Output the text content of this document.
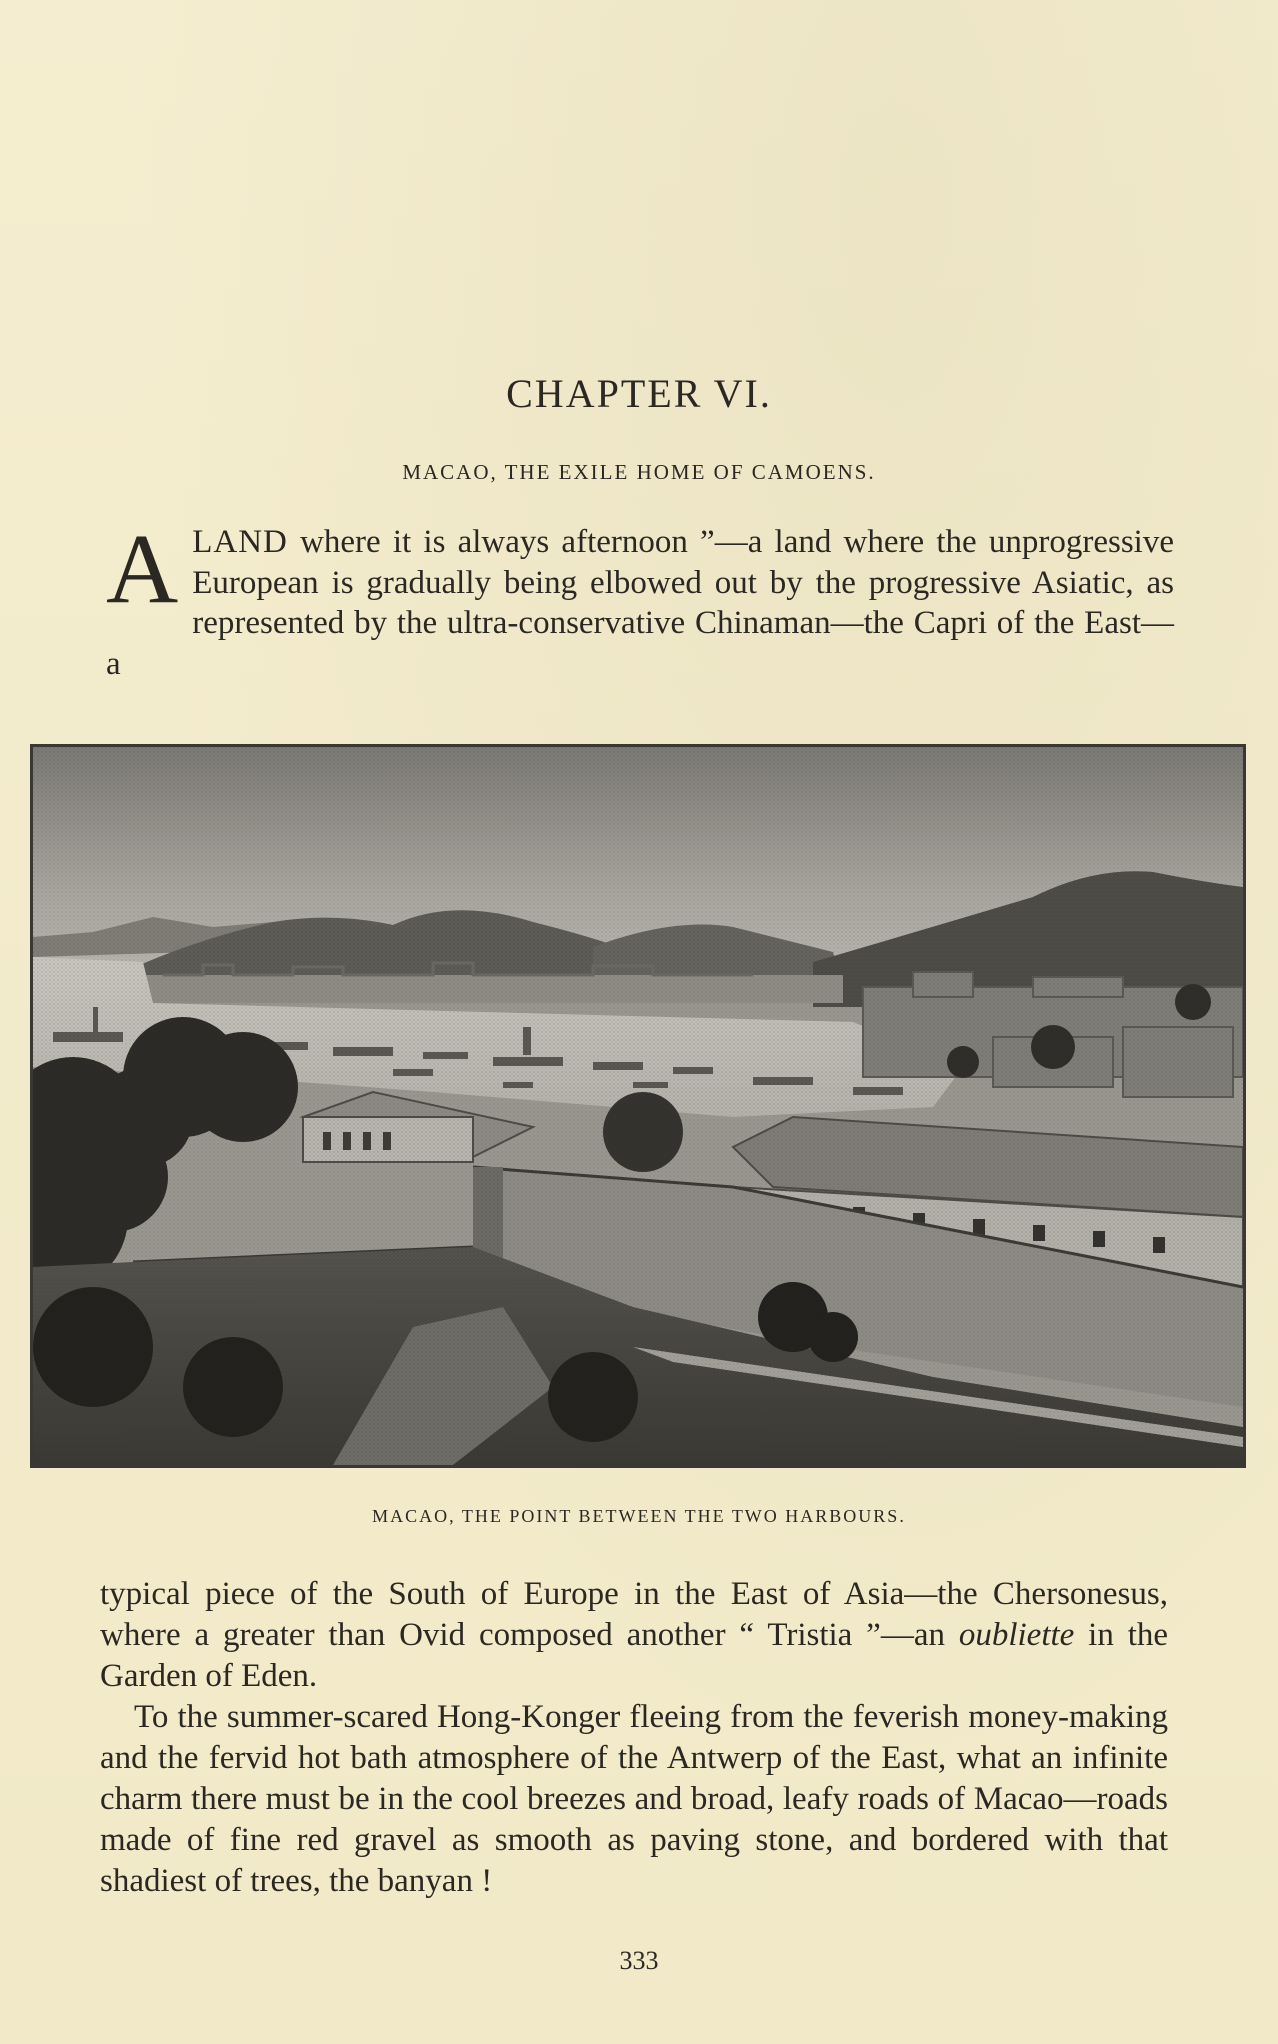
CHAPTER VI.
MACAO, THE EXILE HOME OF CAMOENS.

A LAND where it is always afternoon ”—a land where the unprogressive European is gradually being elbowed out by the progressive Asiatic, as represented by the ultra-conservative Chinaman—the Capri of the East—a

MACAO, THE POINT BETWEEN THE TWO HARBOURS.

typical piece of the South of Europe in the East of Asia—the Chersonesus, where a greater than Ovid composed another “ Tristia ”—an oubliette in the Garden of Eden.

To the summer-scared Hong-Konger fleeing from the feverish money-making and the fervid hot bath atmosphere of the Antwerp of the East, what an infinite charm there must be in the cool breezes and broad, leafy roads of Macao—roads made of fine red gravel as smooth as paving stone, and bordered with that shadiest of trees, the banyan !

333
